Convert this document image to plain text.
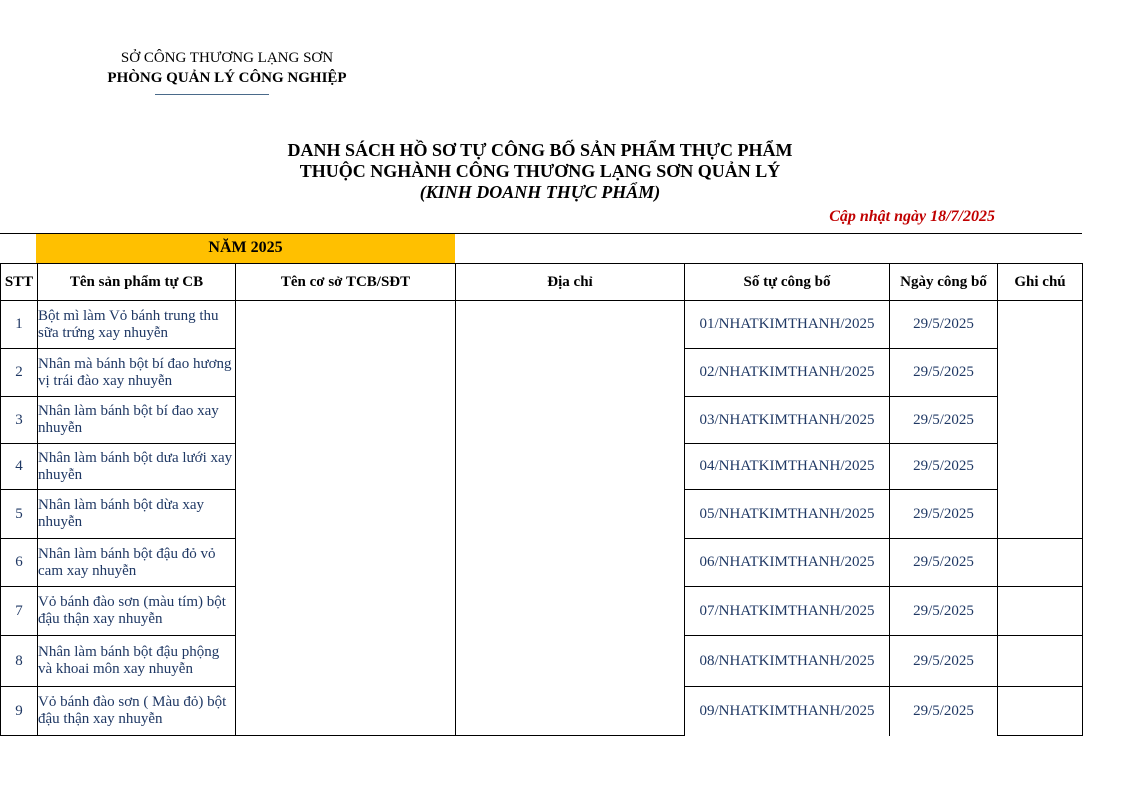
SỞ CÔNG THƯƠNG LẠNG SƠN
PHÒNG QUẢN LÝ CÔNG NGHIỆP
DANH SÁCH HỒ SƠ TỰ CÔNG BỐ SẢN PHẨM THỰC PHẨM
THUỘC NGHÀNH CÔNG THƯƠNG LẠNG SƠN QUẢN LÝ
(KINH DOANH THỰC PHẨM)
Cập nhật ngày 18/7/2025
NĂM 2025
STT	Tên sản phẩm tự CB	Tên cơ sở TCB/SĐT	Địa chỉ	Số tự công bố	Ngày công bố	Ghi chú
1	Bột mì làm Vỏ bánh trung thu sữa trứng xay nhuyễn			01/NHATKIMTHANH/2025	29/5/2025	
2	Nhân mà bánh bột bí đao hương vị trái đào xay nhuyễn			02/NHATKIMTHANH/2025	29/5/2025	
3	Nhân làm bánh bột bí đao xay nhuyễn			03/NHATKIMTHANH/2025	29/5/2025	
4	Nhân làm bánh bột dưa lưới xay nhuyễn			04/NHATKIMTHANH/2025	29/5/2025	
5	Nhân làm bánh bột dừa xay nhuyễn			05/NHATKIMTHANH/2025	29/5/2025	
6	Nhân làm bánh bột đậu đỏ vỏ cam xay nhuyễn			06/NHATKIMTHANH/2025	29/5/2025	
7	Vỏ bánh đào sơn (màu tím) bột đậu thận xay nhuyễn			07/NHATKIMTHANH/2025	29/5/2025	
8	Nhân làm bánh bột đậu phộng và khoai môn xay nhuyễn			08/NHATKIMTHANH/2025	29/5/2025	
9	Vỏ bánh đào sơn ( Màu đỏ) bột đậu thận xay nhuyễn			09/NHATKIMTHANH/2025	29/5/2025	
